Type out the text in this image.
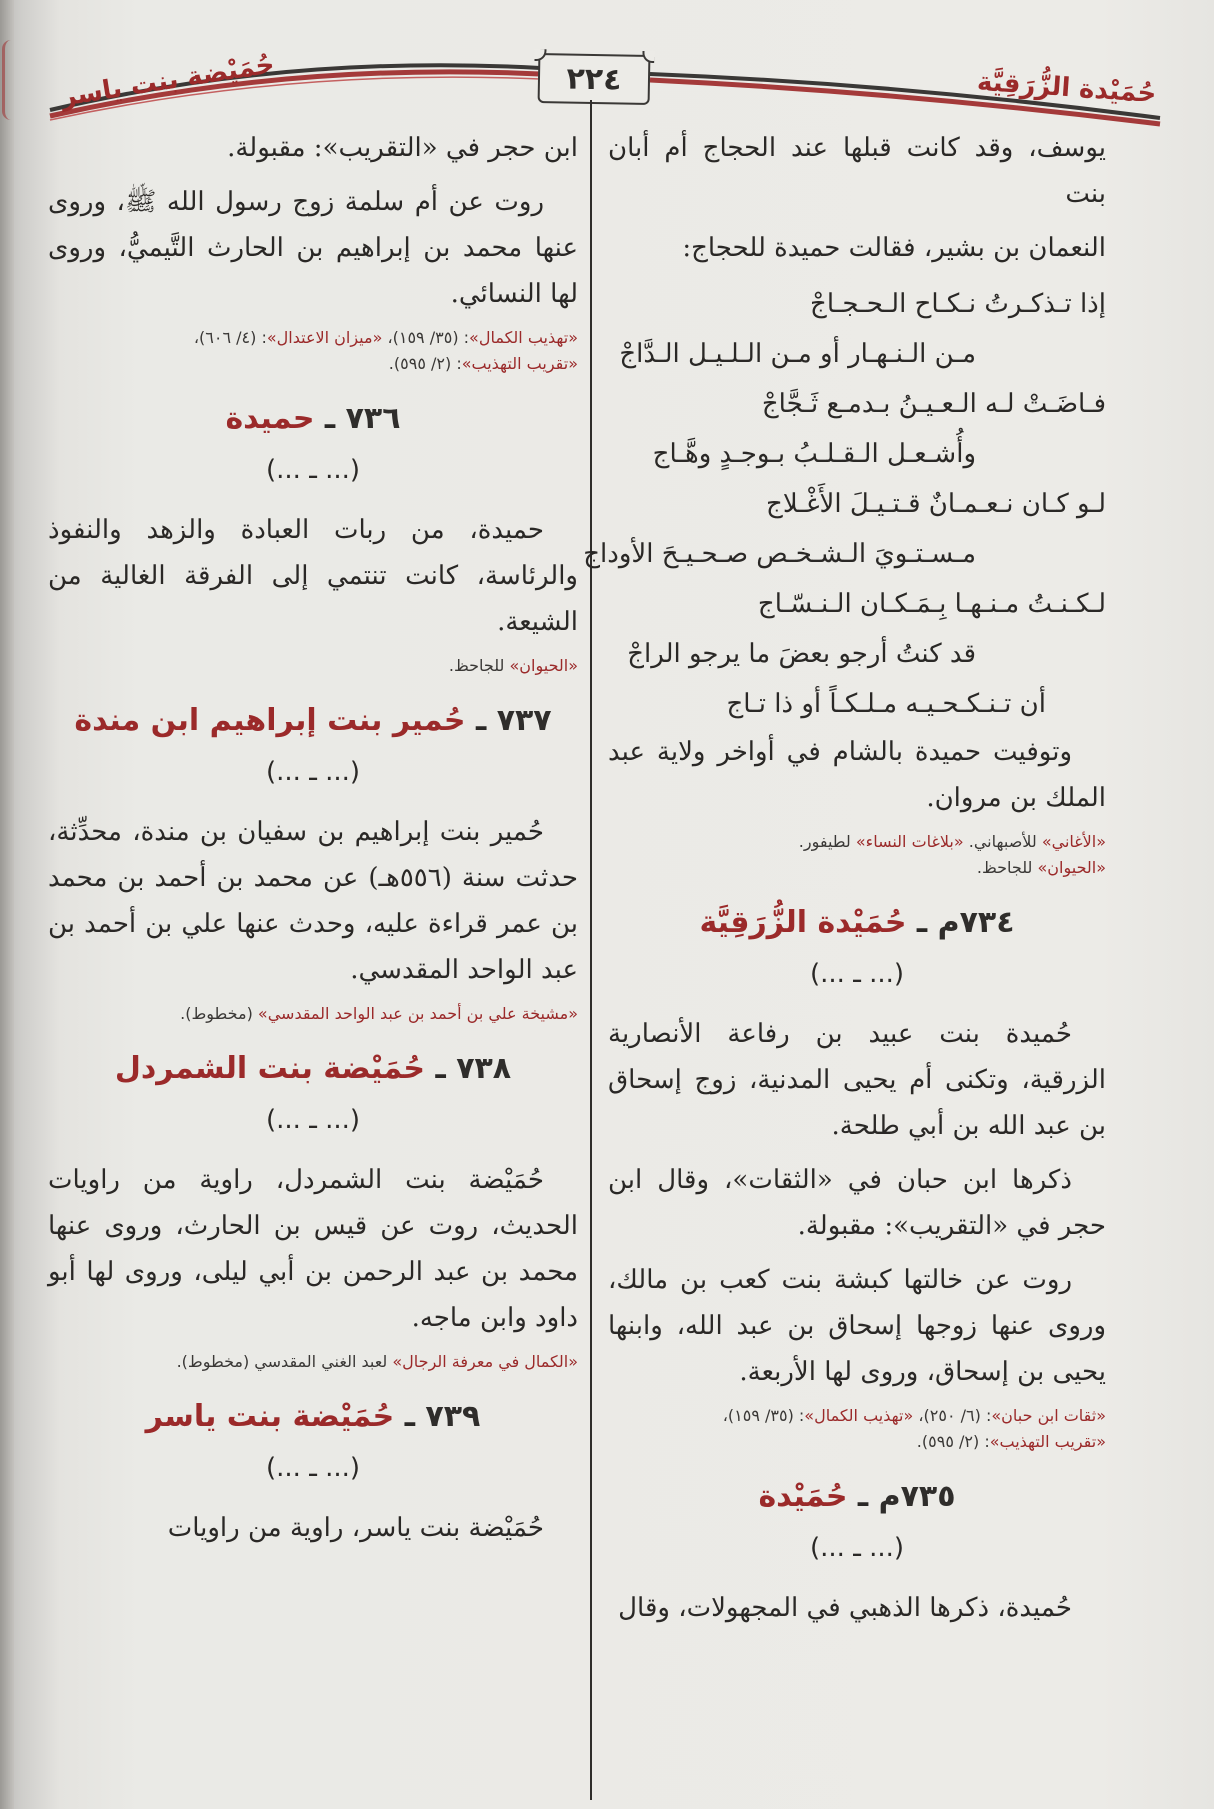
حُمَيْضة بنت ياسر	٢٢٤	حُمَيْدة الزُّرَقِيَّة

يوسف، وقد كانت قبلها عند الحجاج أم أبان بنت

النعمان بن بشير، فقالت حميدة للحجاج:

إذا تـذكـرتُ نـكـاح الـحـجـاجْ
مـن الـنـهـار أو مـن الـلـيـل الـدَّاجْ
فـاضَـتْ لـه الـعـيـنُ بـدمـع ثَـجَّاجْ
وأُشـعـل الـقـلـبُ بـوجـدٍ وهَّـاج
لـو كـان نـعـمـانٌ قـتـيـلَ الأَغْـلاج
مـسـتـويَ الـشـخـص صـحـيـحَ الأوداج
لـكـنـتُ مـنـهـا بِـمَـكـان الـنـسّـاج
قد كنتُ أرجو بعضَ ما يرجو الراجْ
أن تـنـكـحـيـه مـلـكـاً أو ذا تـاج

وتوفيت حميدة بالشام في أواخر ولاية عبد الملك بن مروان.

«الأغاني» للأصبهاني. «بلاغات النساء» لطيفور.
«الحيوان» للجاحظ.
٧٣٤م ـ حُمَيْدة الزُّرَقِيَّة
(... ـ ...)

حُميدة بنت عبيد بن رفاعة الأنصارية الزرقية، وتكنى أم يحيى المدنية، زوج إسحاق بن عبد الله بن أبي طلحة.

ذكرها ابن حبان في «الثقات»، وقال ابن حجر في «التقريب»: مقبولة.

روت عن خالتها كبشة بنت كعب بن مالك، وروى عنها زوجها إسحاق بن عبد الله، وابنها يحيى بن إسحاق، وروى لها الأربعة.

«ثقات ابن حبان»: (٦/ ٢٥٠)، «تهذيب الكمال»: (٣٥/ ١٥٩)،
«تقريب التهذيب»: (٢/ ٥٩٥).
٧٣٥م ـ حُمَيْدة
(... ـ ...)

حُميدة، ذكرها الذهبي في المجهولات، وقال

ابن حجر في «التقريب»: مقبولة.

روت عن أم سلمة زوج رسول الله ﷺ، وروى عنها محمد بن إبراهيم بن الحارث التَّيميُّ، وروى لها النسائي.

«تهذيب الكمال»: (٣٥/ ١٥٩)، «ميزان الاعتدال»: (٤/ ٦٠٦)،
«تقريب التهذيب»: (٢/ ٥٩٥).
٧٣٦ ـ حميدة
(... ـ ...)

حميدة، من ربات العبادة والزهد والنفوذ والرئاسة، كانت تنتمي إلى الفرقة الغالية من الشيعة.

«الحيوان» للجاحظ.
٧٣٧ ـ حُمير بنت إبراهيم ابن مندة
(... ـ ...)

حُمير بنت إبراهيم بن سفيان بن مندة، محدِّثة، حدثت سنة (٥٥٦هـ) عن محمد بن أحمد بن محمد بن عمر قراءة عليه، وحدث عنها علي بن أحمد بن عبد الواحد المقدسي.

«مشيخة علي بن أحمد بن عبد الواحد المقدسي» (مخطوط).
٧٣٨ ـ حُمَيْضة بنت الشمردل
(... ـ ...)

حُمَيْضة بنت الشمردل، راوية من راويات الحديث، روت عن قيس بن الحارث، وروى عنها محمد بن عبد الرحمن بن أبي ليلى، وروى لها أبو داود وابن ماجه.

«الكمال في معرفة الرجال» لعبد الغني المقدسي (مخطوط).
٧٣٩ ـ حُمَيْضة بنت ياسر
(... ـ ...)

حُمَيْضة بنت ياسر، راوية من راويات
